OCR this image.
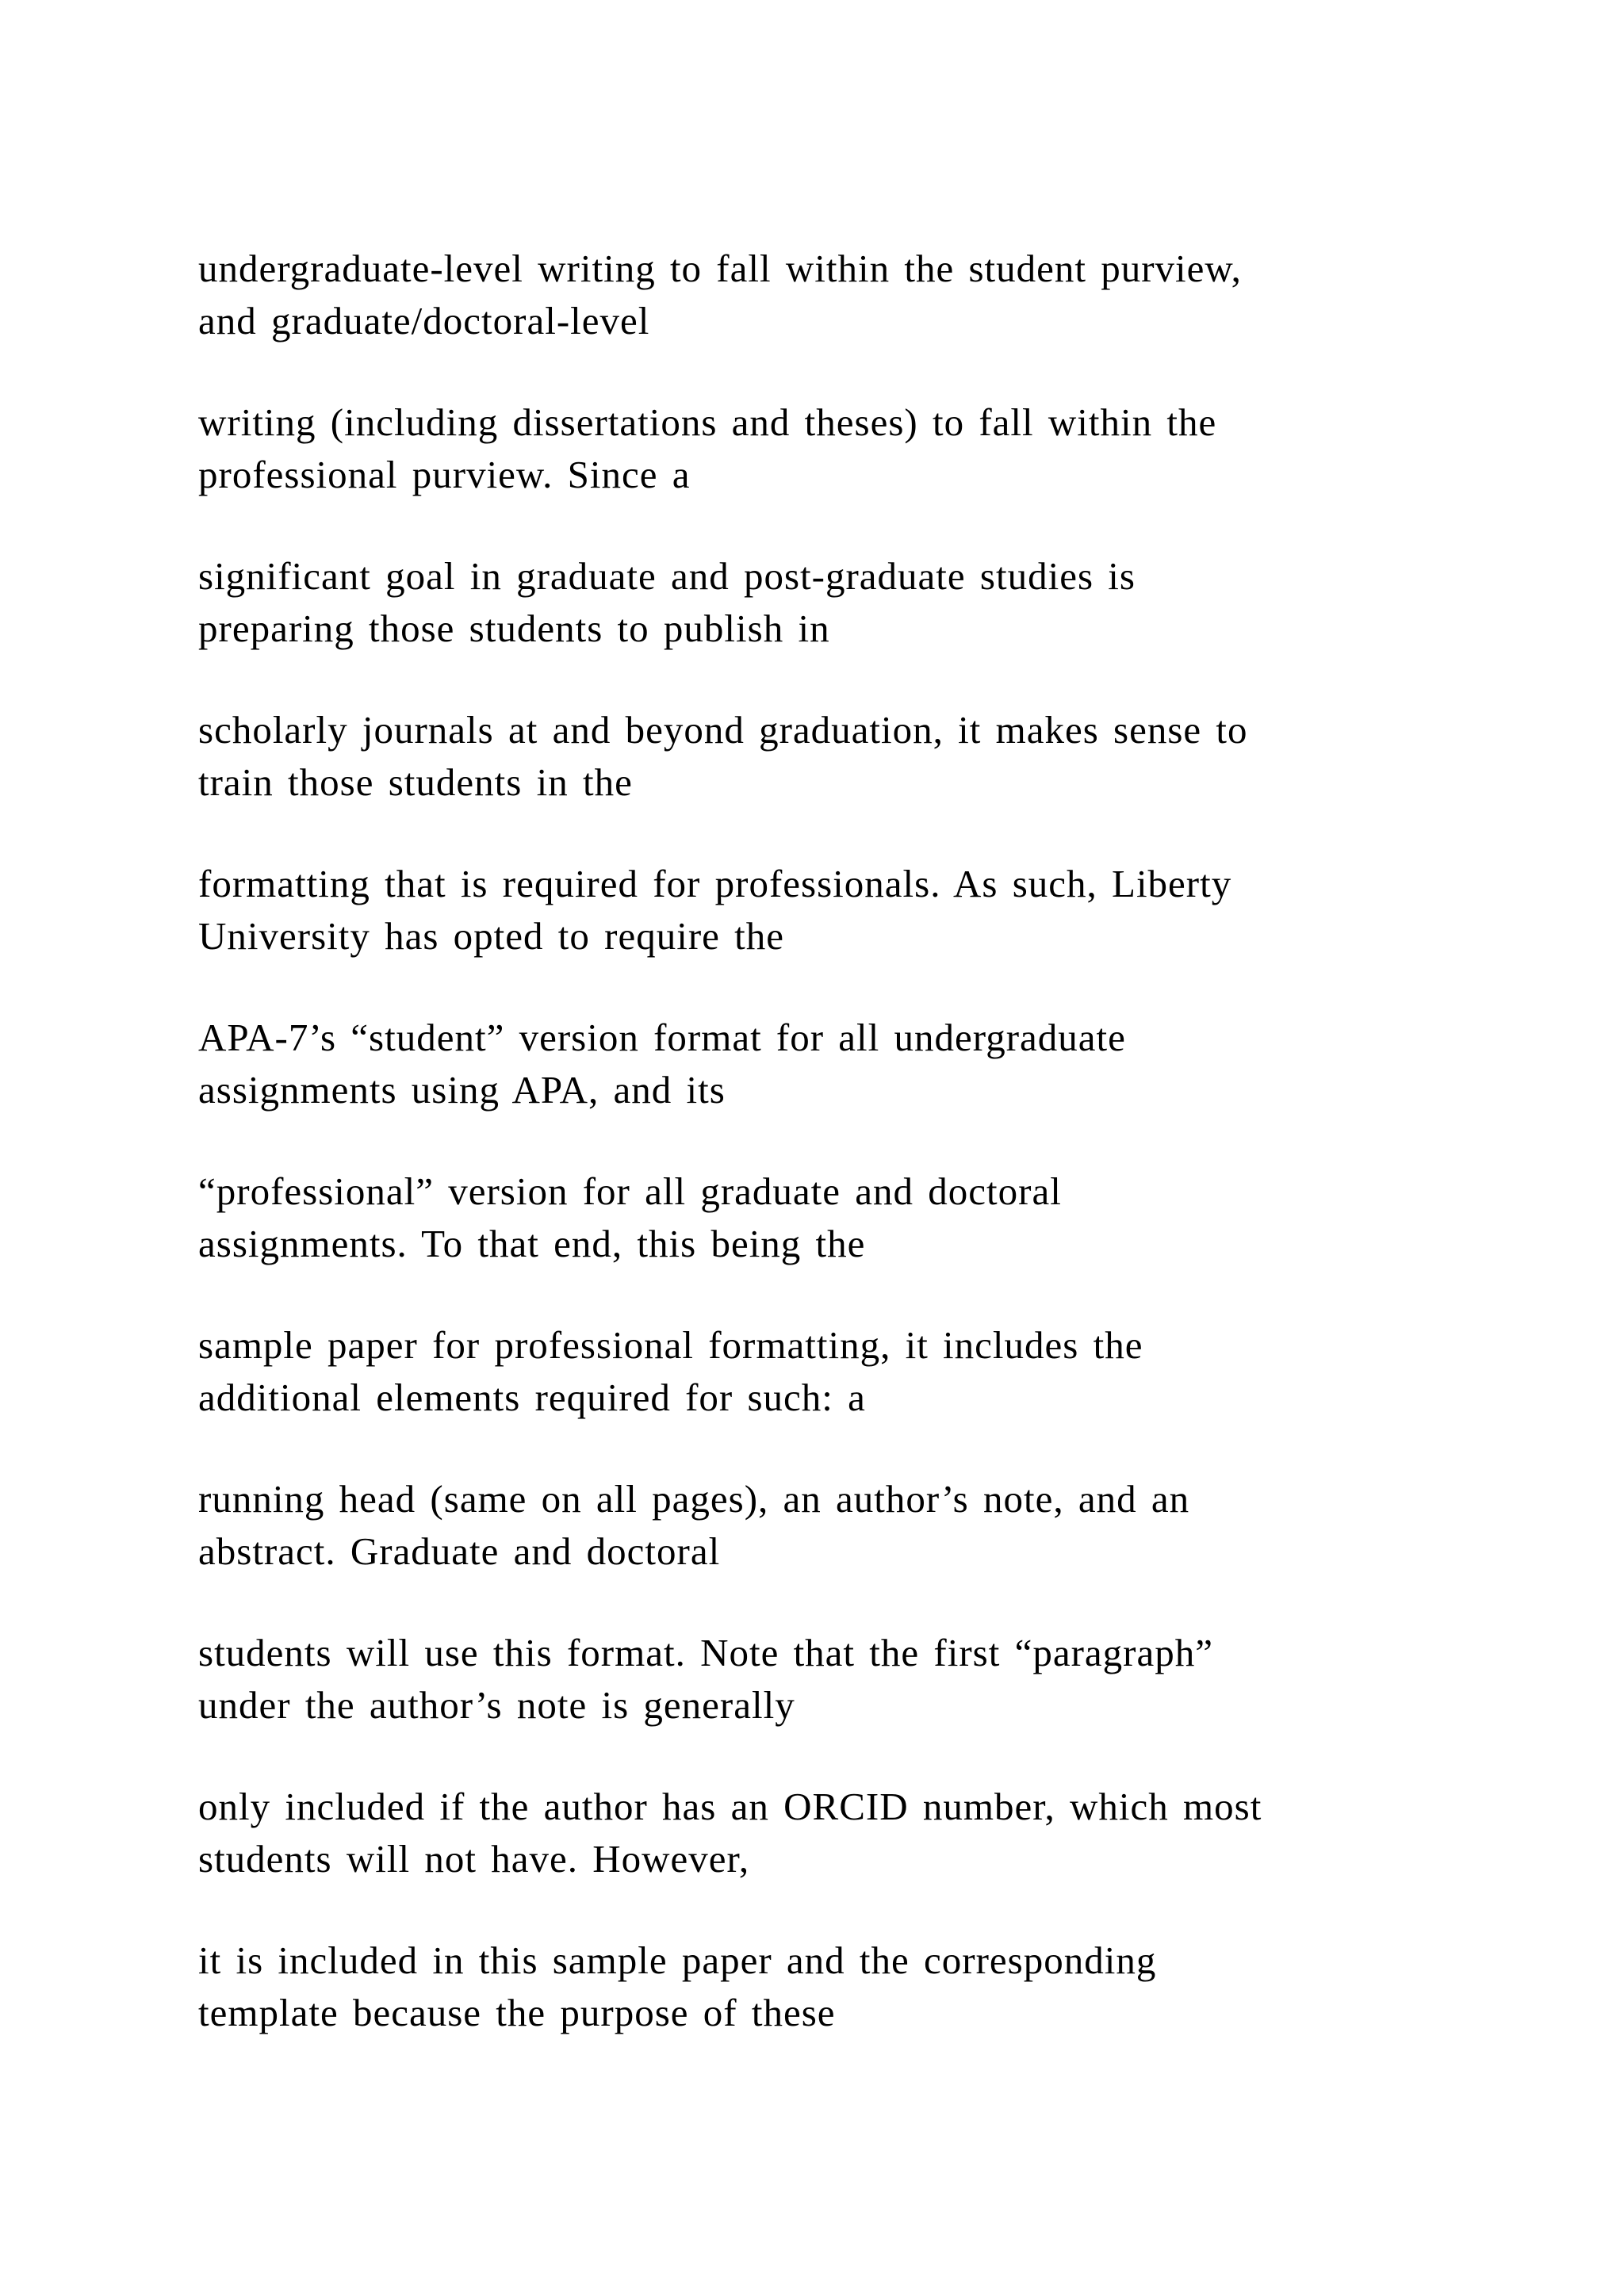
undergraduate-level writing to fall within the student purview,
and graduate/doctoral-level

writing (including dissertations and theses) to fall within the
professional purview. Since a

significant goal in graduate and post-graduate studies is
preparing those students to publish in

scholarly journals at and beyond graduation, it makes sense to
train those students in the

formatting that is required for professionals. As such, Liberty
University has opted to require the

APA-7’s “student” version format for all undergraduate
assignments using APA, and its

“professional” version for all graduate and doctoral
assignments. To that end, this being the

sample paper for professional formatting, it includes the
additional elements required for such: a

running head (same on all pages), an author’s note, and an
abstract. Graduate and doctoral

students will use this format. Note that the first “paragraph”
under the author’s note is generally

only included if the author has an ORCID number, which most
students will not have. However,

it is included in this sample paper and the corresponding
template because the purpose of these
